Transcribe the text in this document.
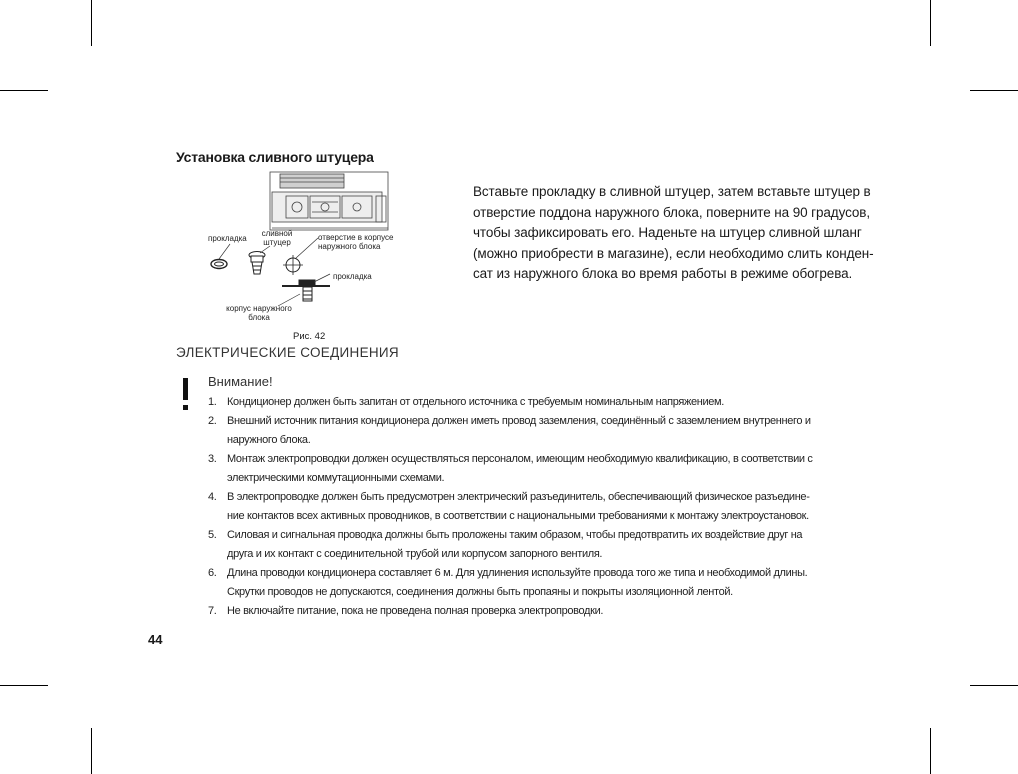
Установка сливного штуцера

Вставьте прокладку в сливной штуцер, затем вставьте штуцер в

отверстие поддона наружного блока, поверните на 90 градусов,

чтобы зафиксировать его. Наденьте на штуцер сливной шланг

(можно приобрести в магазине), если необходимо слить конден-

сат из наружного блока во время работы в режиме обогрева.

прокладка
сливной штуцер
отверстие в корпусе наружного блока
прокладка
корпус наружного блока
Рис. 42
ЭЛЕКТРИЧЕСКИЕ СОЕДИНЕНИЯ
Внимание!
1. Кондиционер должен быть запитан от отдельного источника с требуемым номинальным напряжением.
2. Внешний источник питания кондиционера должен иметь провод заземления, соединённый с заземлением внутреннего и
наружного блока.
3. Монтаж электропроводки должен осуществляться персоналом, имеющим необходимую квалификацию, в соответствии с
электрическими коммутационными схемами.
4. В электропроводке должен быть предусмотрен электрический разъединитель, обеспечивающий физическое разъедине-
ние контактов всех активных проводников, в соответствии с национальными требованиями к монтажу электроустановок.
5. Силовая и сигнальная проводка должны быть проложены таким образом, чтобы предотвратить их воздействие друг на
друга и их контакт с соединительной трубой или корпусом запорного вентиля.
6. Длина проводки кондиционера составляет 6 м. Для удлинения используйте провода того же типа и необходимой длины.
Скрутки проводов не допускаются, соединения должны быть пропаяны и покрыты изоляционной лентой.
7. Не включайте питание, пока не проведена полная проверка электропроводки.
44
